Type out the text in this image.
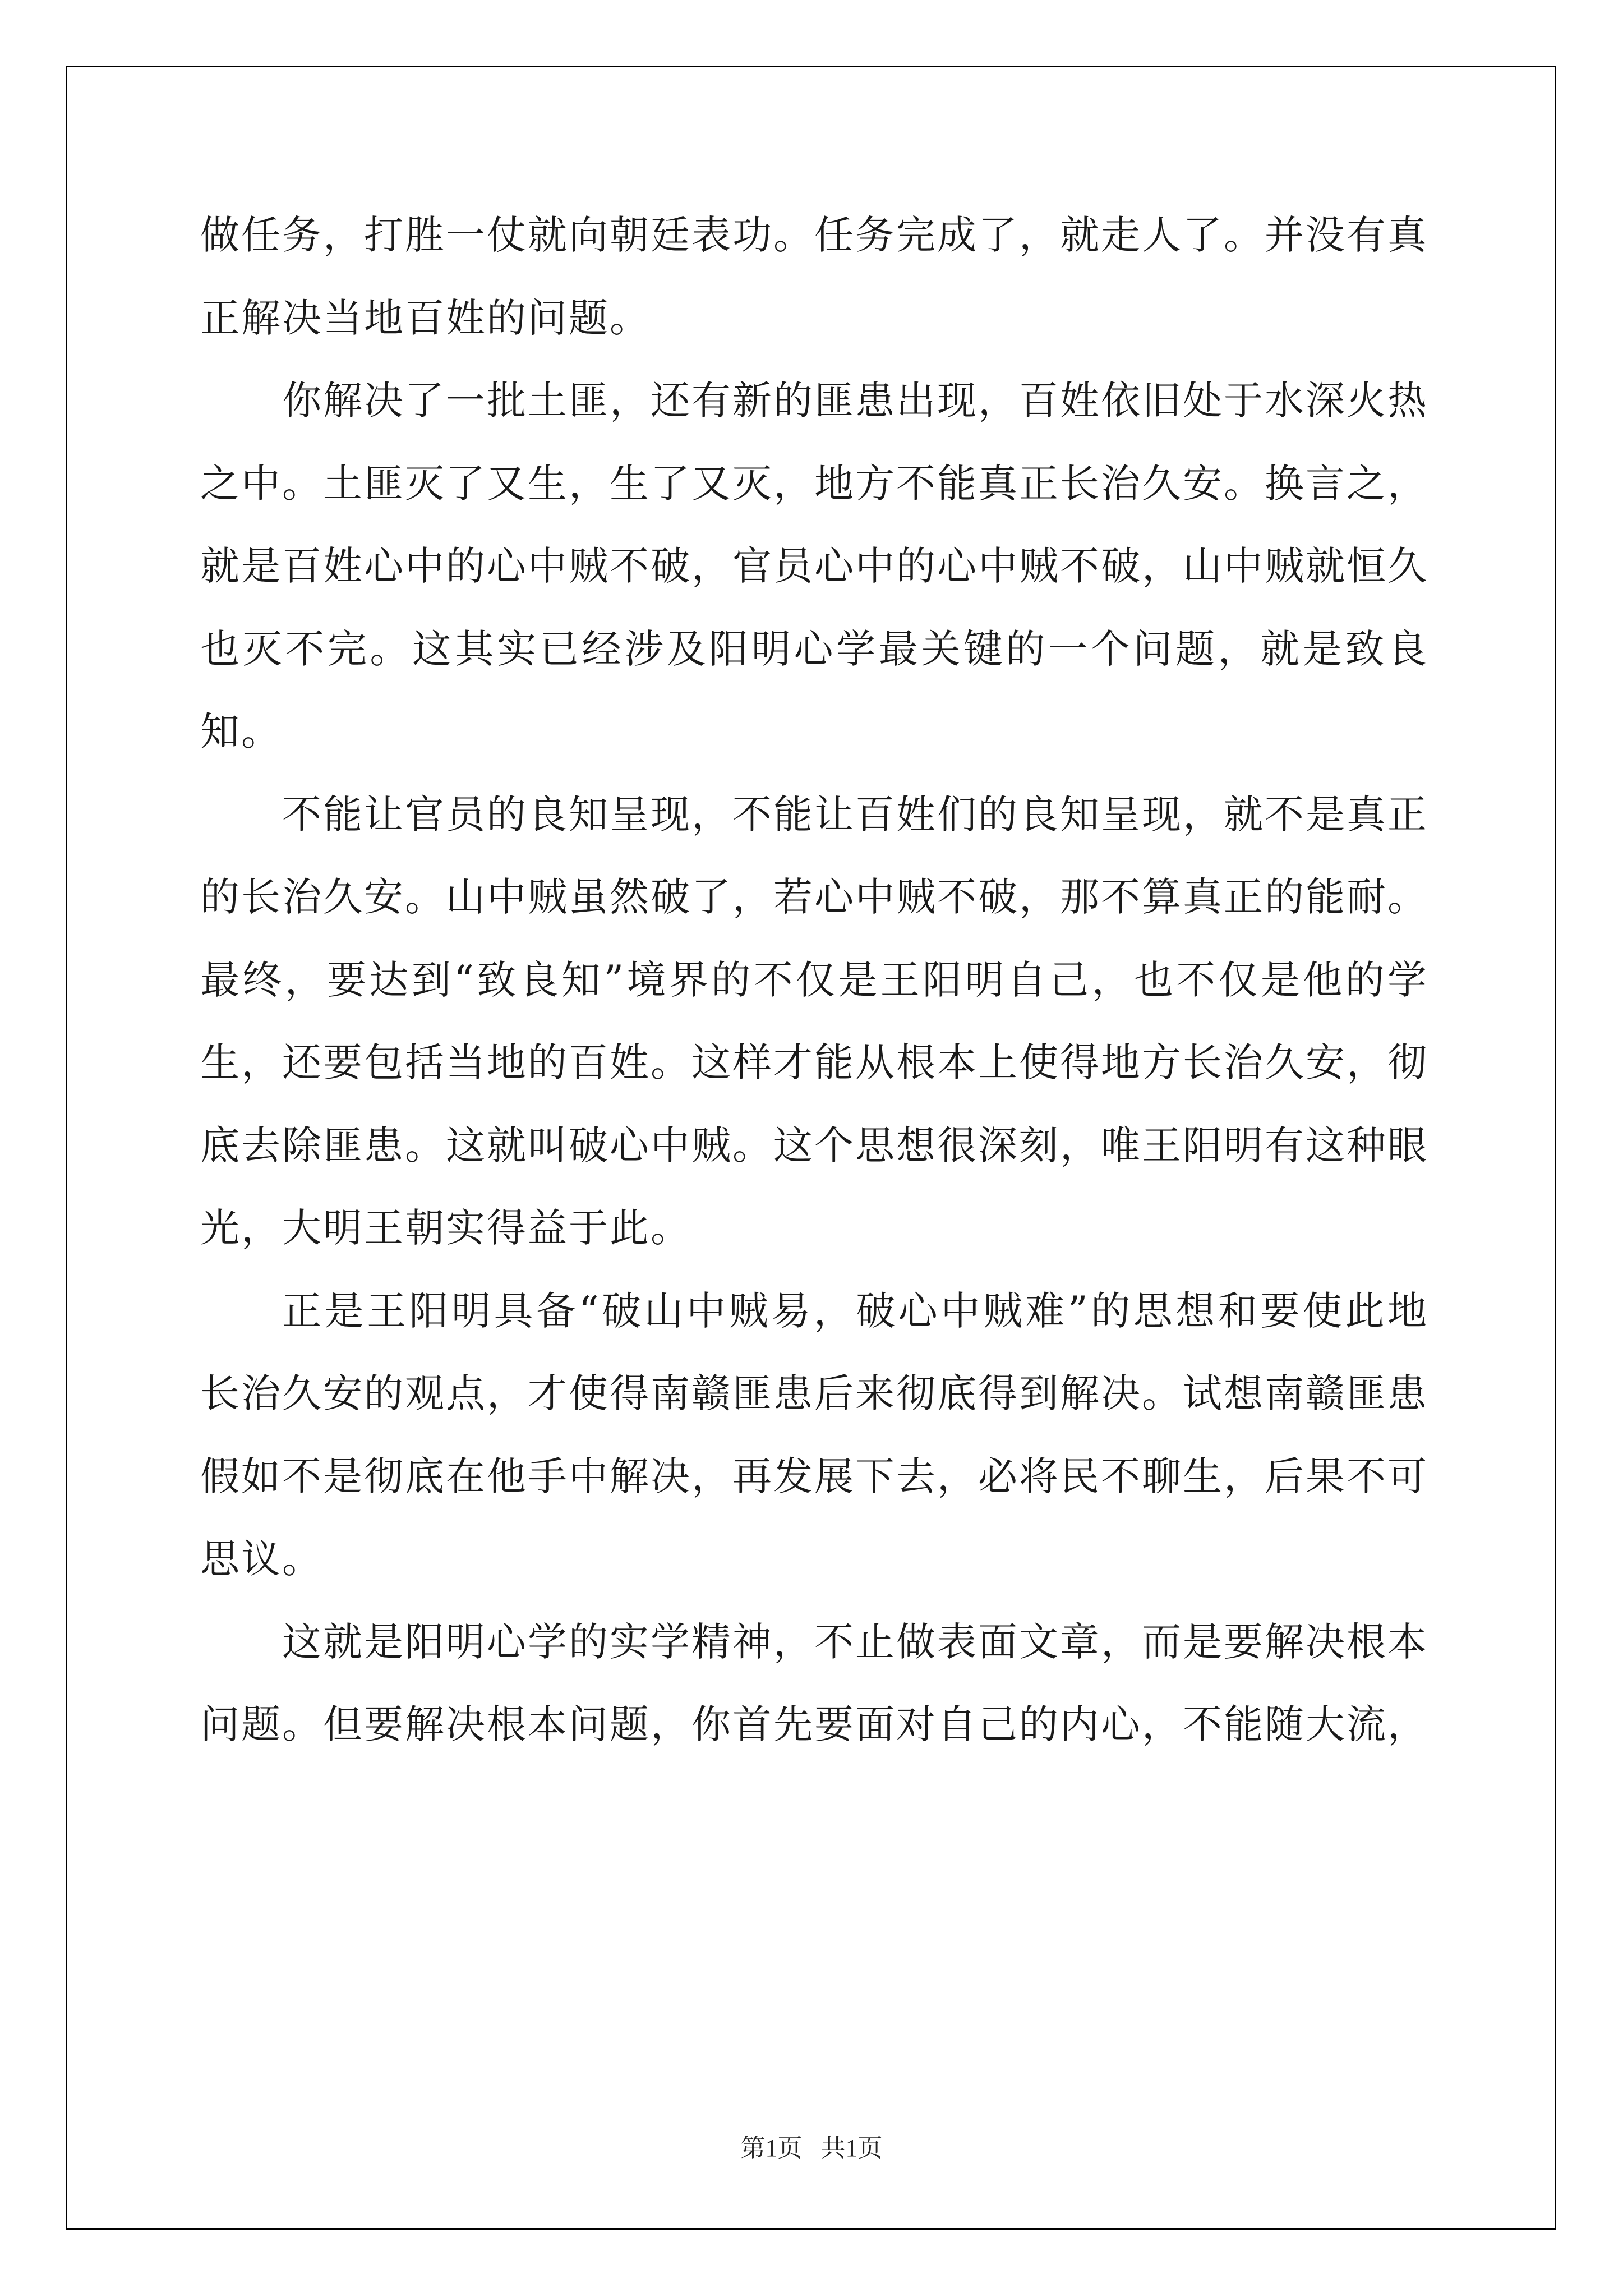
做任务，打胜一仗就向朝廷表功。任务完成了，就走人了。并没有真正解决当地百姓的问题。

你解决了一批土匪，还有新的匪患出现，百姓依旧处于水深火热之中。土匪灭了又生，生了又灭，地方不能真正长治久安。换言之，就是百姓心中的心中贼不破，官员心中的心中贼不破，山中贼就恒久也灭不完。这其实已经涉及阳明心学最关键的一个问题，就是致良知。

不能让官员的良知呈现，不能让百姓们的良知呈现，就不是真正的长治久安。山中贼虽然破了，若心中贼不破，那不算真正的能耐。最终，要达到“致良知”境界的不仅是王阳明自己，也不仅是他的学生，还要包括当地的百姓。这样才能从根本上使得地方长治久安，彻底去除匪患。这就叫破心中贼。这个思想很深刻，唯王阳明有这种眼光，大明王朝实得益于此。

正是王阳明具备“破山中贼易，破心中贼难”的思想和要使此地长治久安的观点，才使得南赣匪患后来彻底得到解决。试想南赣匪患假如不是彻底在他手中解决，再发展下去，必将民不聊生，后果不可思议。

这就是阳明心学的实学精神，不止做表面文章，而是要解决根本问题。但要解决根本问题，你首先要面对自己的内心，不能随大流，

第1页   共1页
